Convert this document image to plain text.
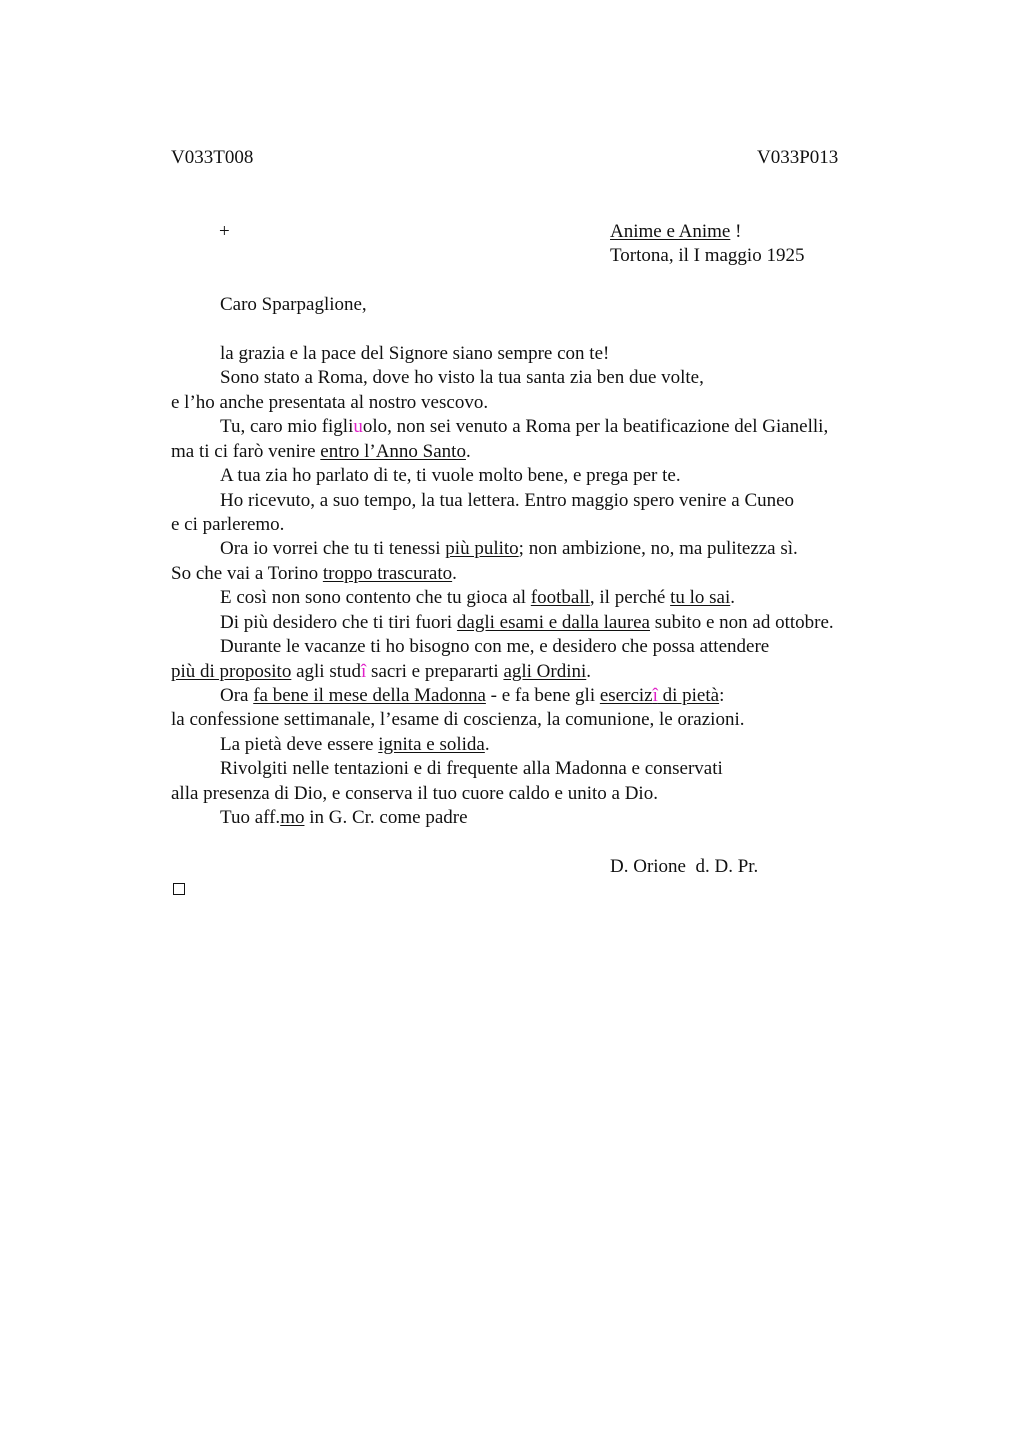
V033T008	V033P013
+	Anime e Anime !
Tortona, il I maggio 1925
Caro Sparpaglione,
la grazia e la pace del Signore siano sempre con te!
Sono stato a Roma, dove ho visto la tua santa zia ben due volte,
e l’ho anche presentata al nostro vescovo.
Tu, caro mio figliuolo, non sei venuto a Roma per la beatificazione del Gianelli,
ma ti ci farò venire entro l’Anno Santo.
A tua zia ho parlato di te, ti vuole molto bene, e prega per te.
Ho ricevuto, a suo tempo, la tua lettera. Entro maggio spero venire a Cuneo
e ci parleremo.
Ora io vorrei che tu ti tenessi più pulito; non ambizione, no, ma pulitezza sì.
So che vai a Torino troppo trascurato.
E così non sono contento che tu gioca al football, il perché tu lo sai.
Di più desidero che ti tiri fuori dagli esami e dalla laurea subito e non ad ottobre.
Durante le vacanze ti ho bisogno con me, e desidero che possa attendere
più di proposito agli studî sacri e prepararti agli Ordini.
Ora fa bene il mese della Madonna - e fa bene gli esercizî di pietà:
la confessione settimanale, l’esame di coscienza, la comunione, le orazioni.
La pietà deve essere ignita e solida.
Rivolgiti nelle tentazioni e di frequente alla Madonna e conservati
alla presenza di Dio, e conserva il tuo cuore caldo e unito a Dio.
Tuo aff.mo in G. Cr. come padre
D. Orione  d. D. Pr.
